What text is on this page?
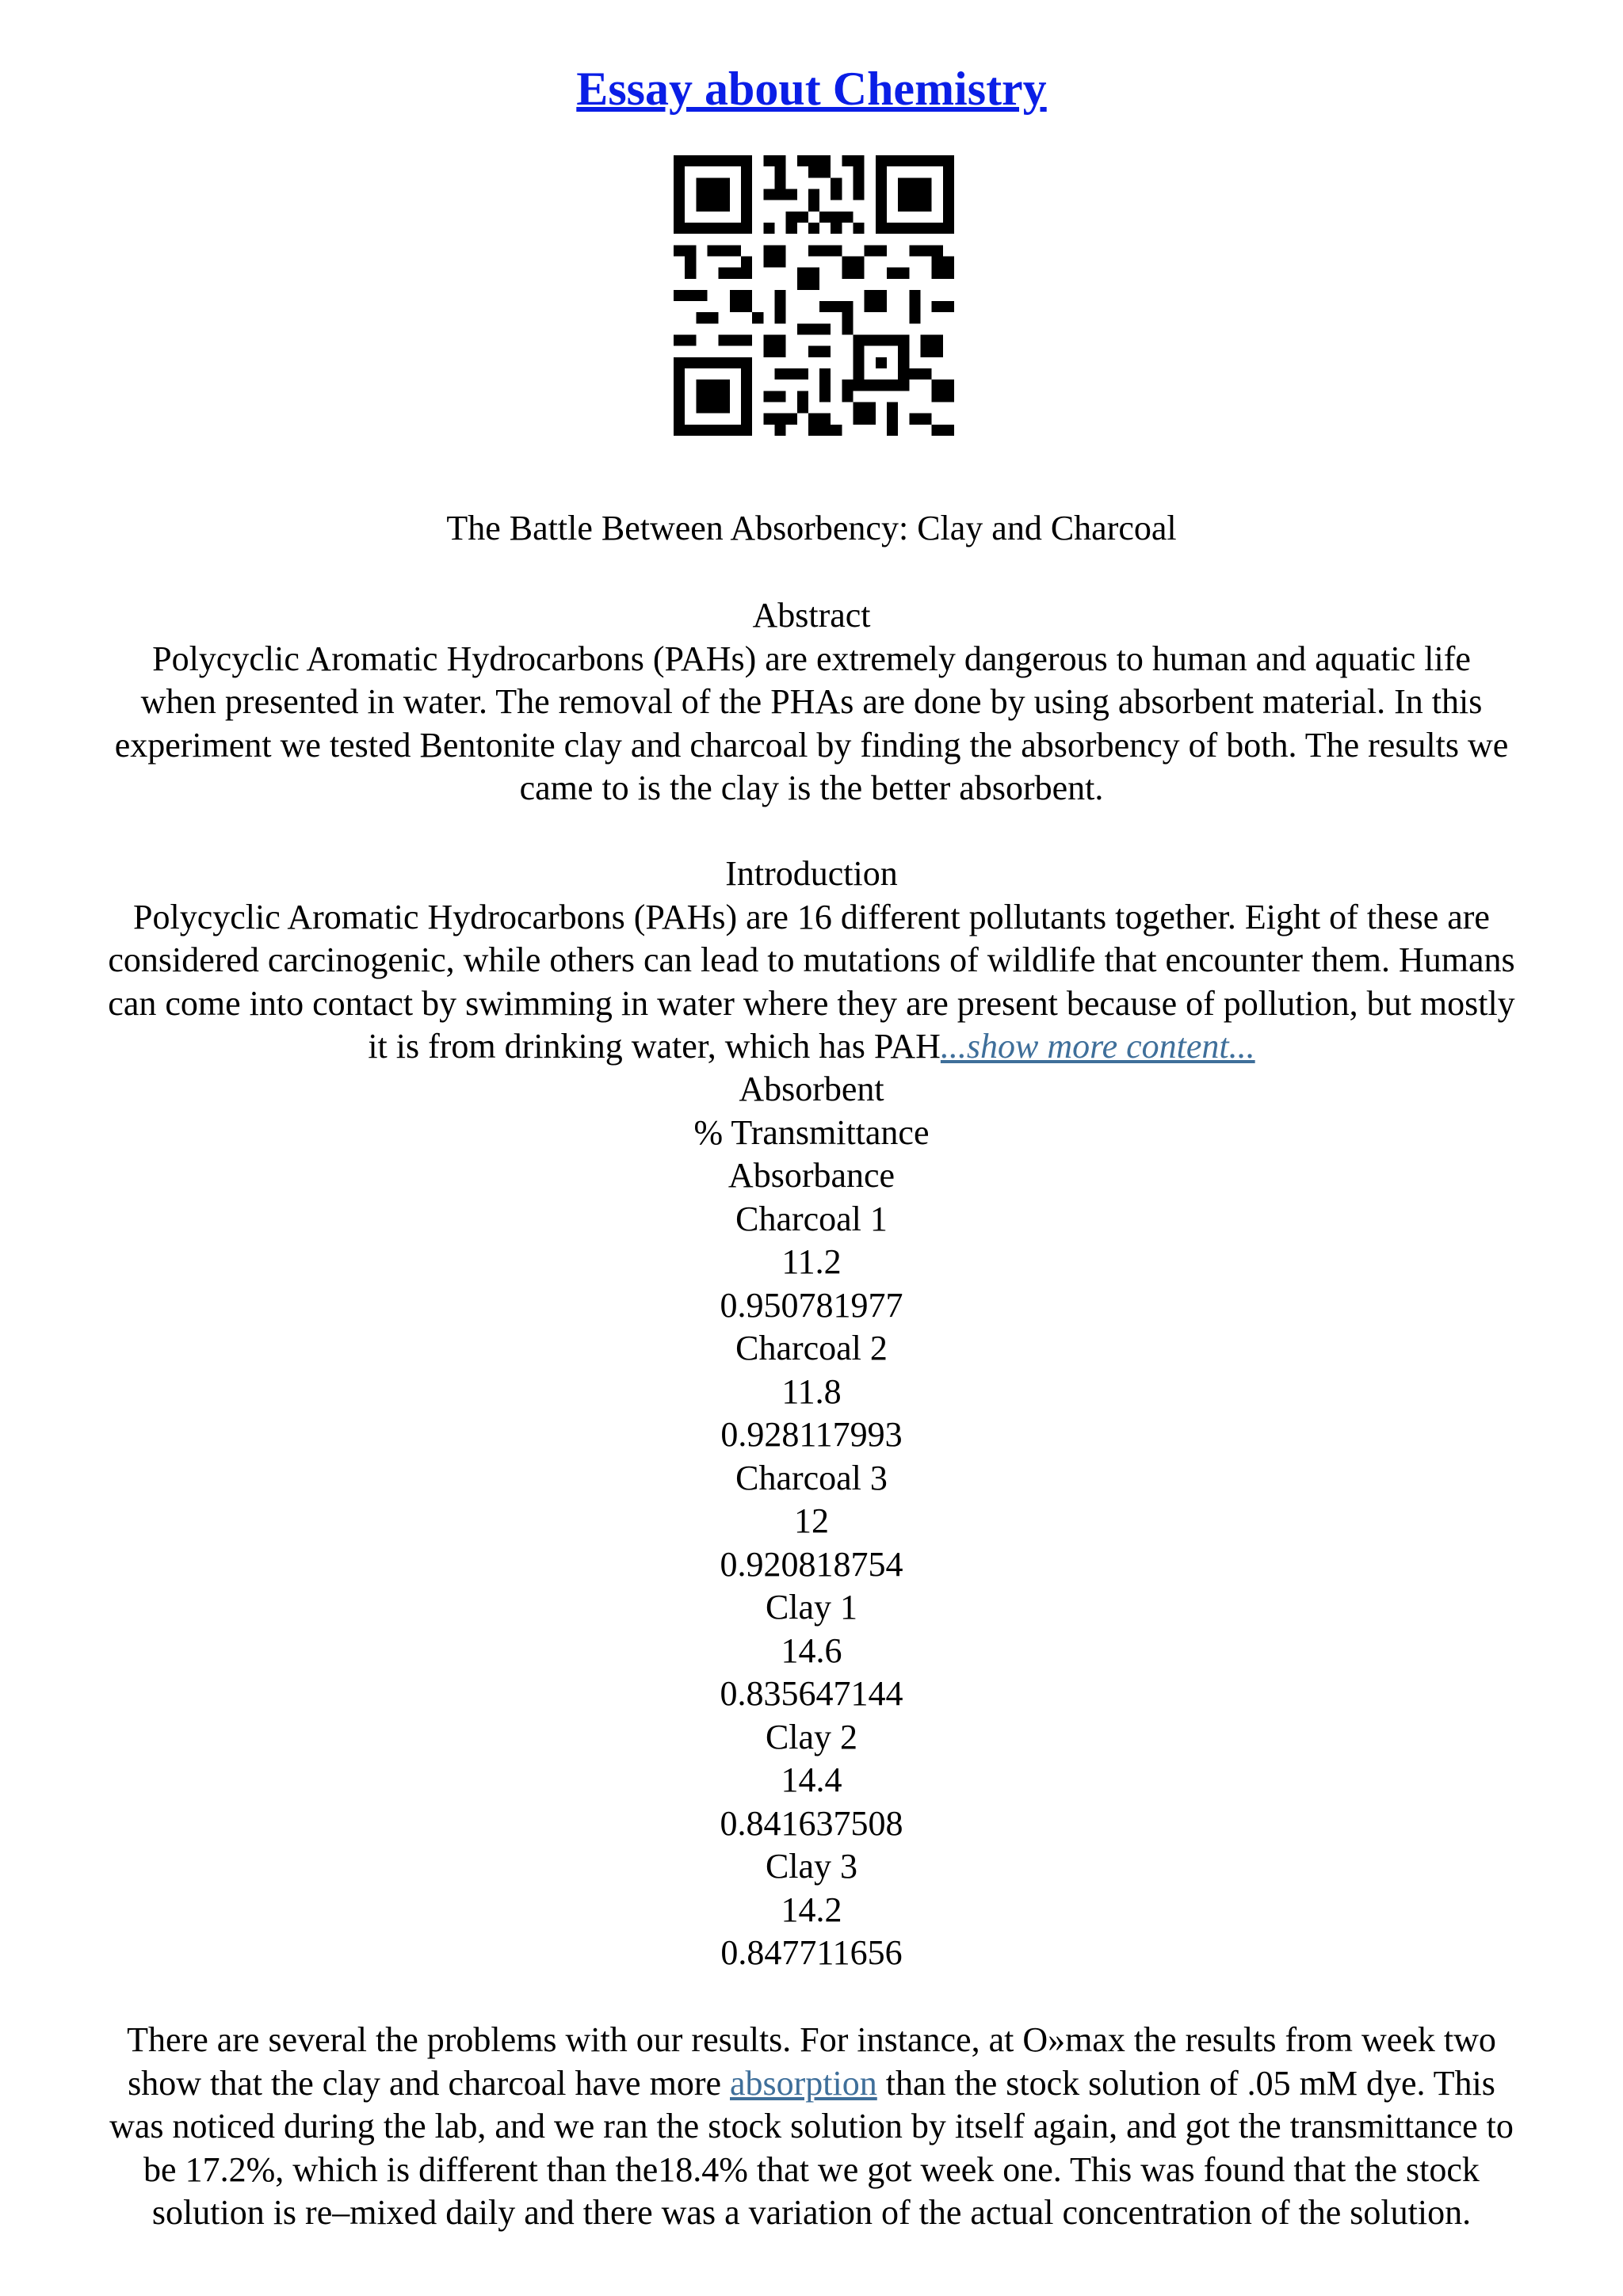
Essay about Chemistry
The Battle Between Absorbency: Clay and Charcoal
Abstract
Polycyclic Aromatic Hydrocarbons (PAHs) are extremely dangerous to human and aquatic life
when presented in water. The removal of the PHAs are done by using absorbent material. In this
experiment we tested Bentonite clay and charcoal by finding the absorbency of both. The results we
came to is the clay is the better absorbent.
Introduction
Polycyclic Aromatic Hydrocarbons (PAHs) are 16 different pollutants together. Eight of these are
considered carcinogenic, while others can lead to mutations of wildlife that encounter them. Humans
can come into contact by swimming in water where they are present because of pollution, but mostly
it is from drinking water, which has PAH...show more content...
Absorbent
% Transmittance
Absorbance
Charcoal 1
11.2
0.950781977
Charcoal 2
11.8
0.928117993
Charcoal 3
12
0.920818754
Clay 1
14.6
0.835647144
Clay 2
14.4
0.841637508
Clay 3
14.2
0.847711656
There are several the problems with our results. For instance, at O»max the results from week two
show that the clay and charcoal have more absorption than the stock solution of .05 mM dye. This
was noticed during the lab, and we ran the stock solution by itself again, and got the transmittance to
be 17.2%, which is different than the18.4% that we got week one. This was found that the stock
solution is re–mixed daily and there was a variation of the actual concentration of the solution.
